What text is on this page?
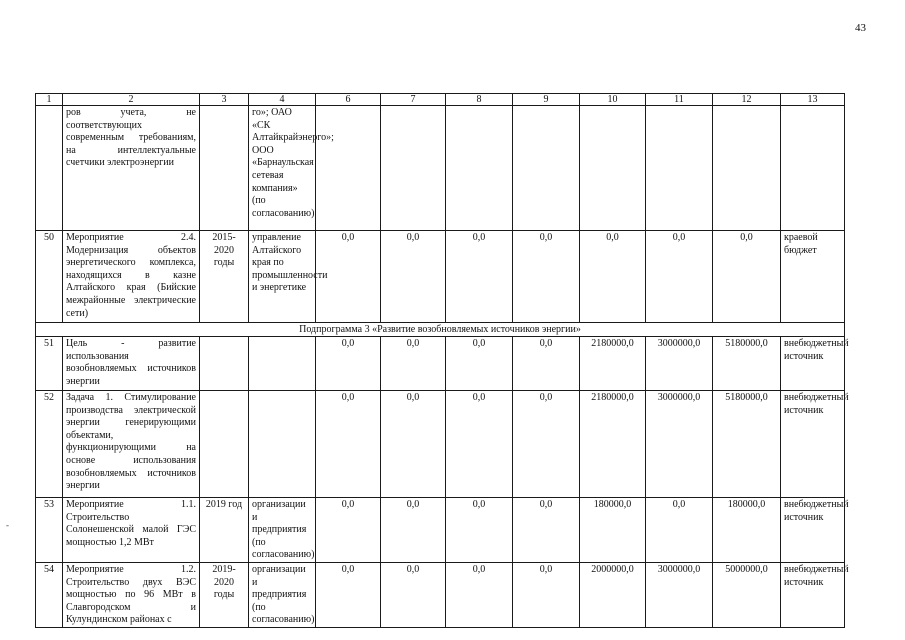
43
-
1	2	3	4	6	7	8	9	10	11	12	13
	ров учета, не соответствующих современным требованиям, на интеллектуальные счетчики электроэнергии		го»; ОАО «СК Алтайкрайэнерго»; ООО «Барнаульская сетевая компания» (по согласованию)								
50	Мероприятие 2.4. Модернизация объектов энергетического комплекса, находящихся в казне Алтайского края (Бийские межрайонные электрические сети)	2015-2020 годы	управление Алтайского края по промышленности и энергетике	0,0	0,0	0,0	0,0	0,0	0,0	0,0	краевой бюджет
Подпрограмма 3 «Развитие возобновляемых источников энергии»											
51	Цель - развитие использования возобновляемых источников энергии			0,0	0,0	0,0	0,0	2180000,0	3000000,0	5180000,0	внебюджетный источник
52	Задача 1. Стимулирование производства электрической энергии генерирующими объектами, функционирующими на основе использования возобновляемых источников энергии			0,0	0,0	0,0	0,0	2180000,0	3000000,0	5180000,0	внебюджетный источник
53	Мероприятие 1.1. Строительство Солонешенской малой ГЭС мощностью 1,2 МВт	2019 год	организации и предприятия (по согласованию)	0,0	0,0	0,0	0,0	180000,0	0,0	180000,0	внебюджетный источник
54	Мероприятие 1.2. Строительство двух ВЭС мощностью по 96 МВт в Славгородском и Кулундинском районах с	2019-2020 годы	организации и предприятия (по согласованию)	0,0	0,0	0,0	0,0	2000000,0	3000000,0	5000000,0	внебюджетный источник
